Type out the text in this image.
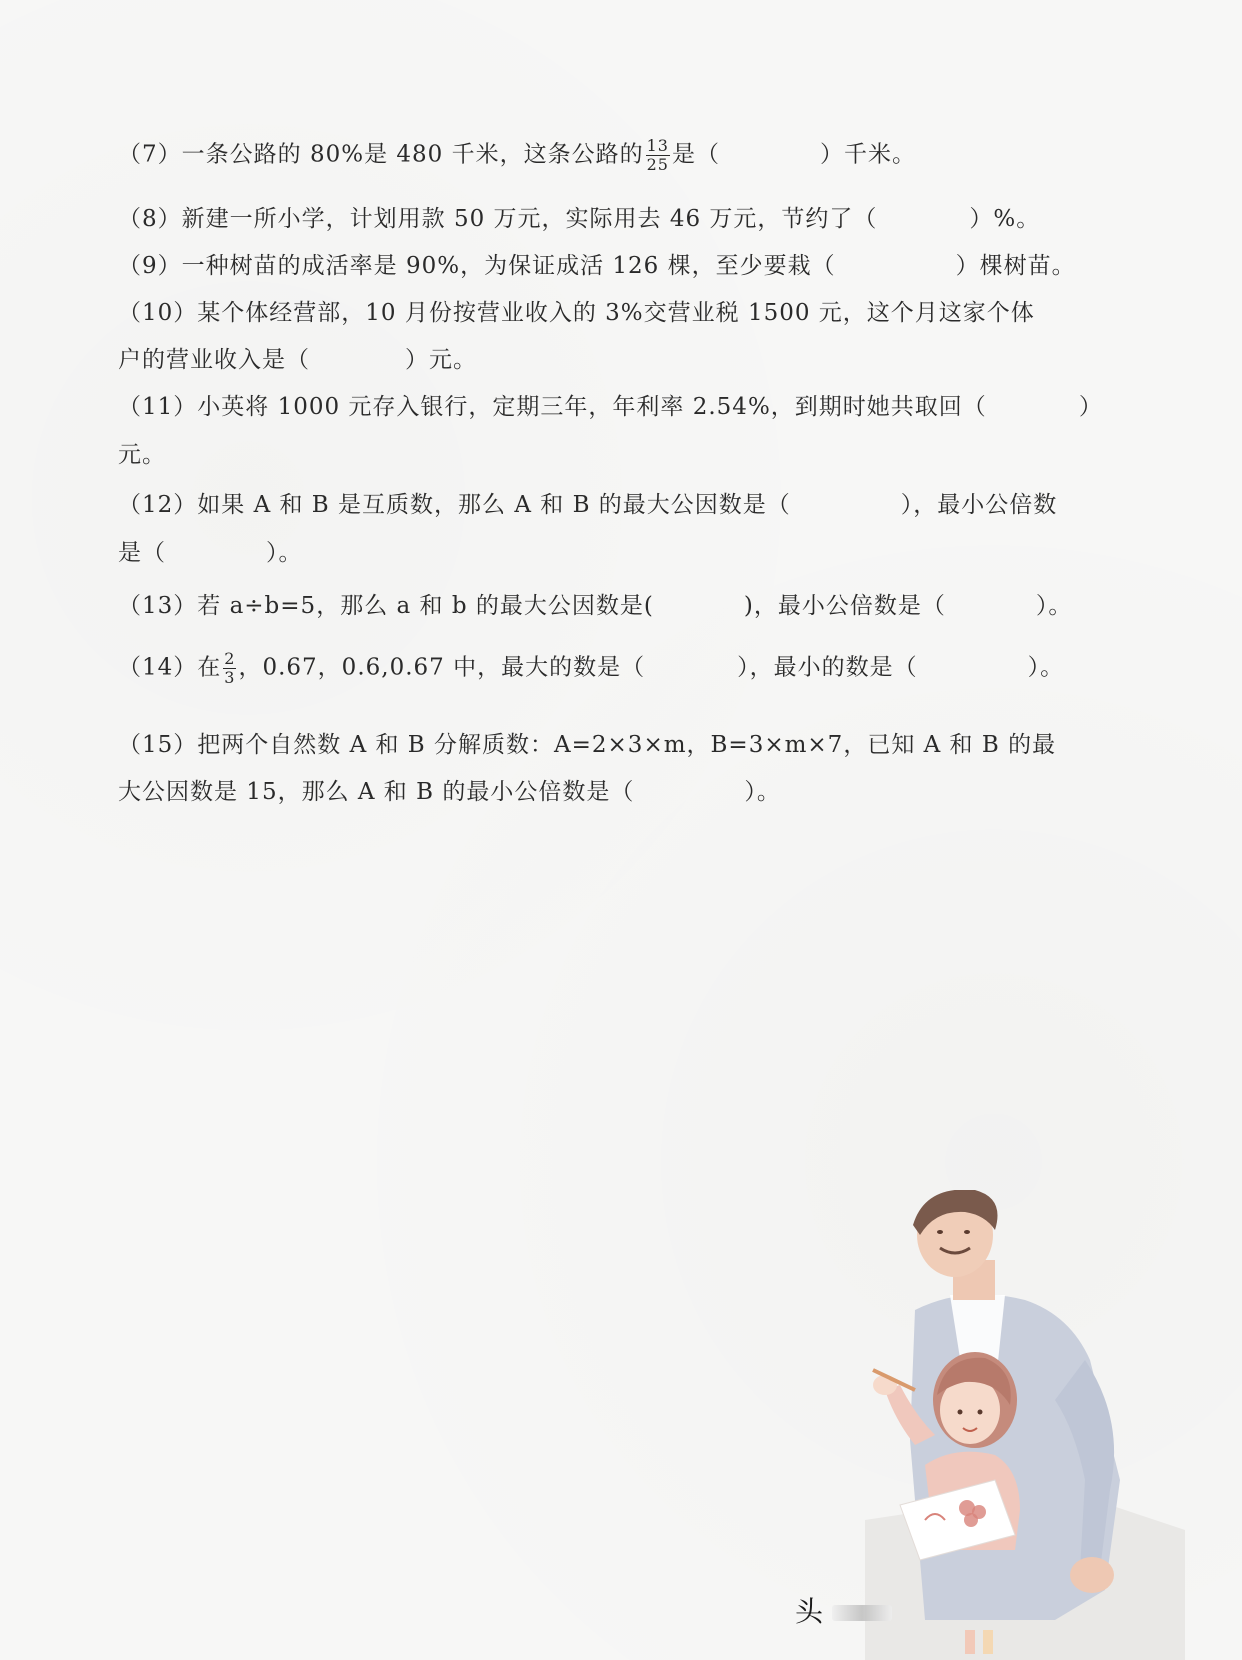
（7）一条公路的 80%是 480 千米，这条公路的 $\frac{13}{25}$ 是（	）千米。
（8）新建一所小学，计划用款 50 万元，实际用去 46 万元，节约了（	）%。
（9）一种树苗的成活率是 90%，为保证成活 126 棵，至少要栽（	）棵树苗。
（10）某个体经营部，10 月份按营业收入的 3%交营业税 1500 元，这个月这家个体
户的营业收入是（	）元。
（11）小英将 1000 元存入银行，定期三年，年利率 2.54%，到期时她共取回（	）
元。
（12）如果 A 和 B 是互质数，那么 A 和 B 的最大公因数是（	），最小公倍数
是（	）。
（13）若 a÷b=5，那么 a 和 b 的最大公因数是(	)，最小公倍数是（	）。
（14）在 $\frac{2}{3}$ ，0.67，0.6,0.67 中，最大的数是（	），最小的数是（	）。
（15）把两个自然数 A 和 B 分解质数：A=2×3×m，B=3×m×7，已知 A 和 B 的最
大公因数是 15，那么 A 和 B 的最小公倍数是（	）。
头
